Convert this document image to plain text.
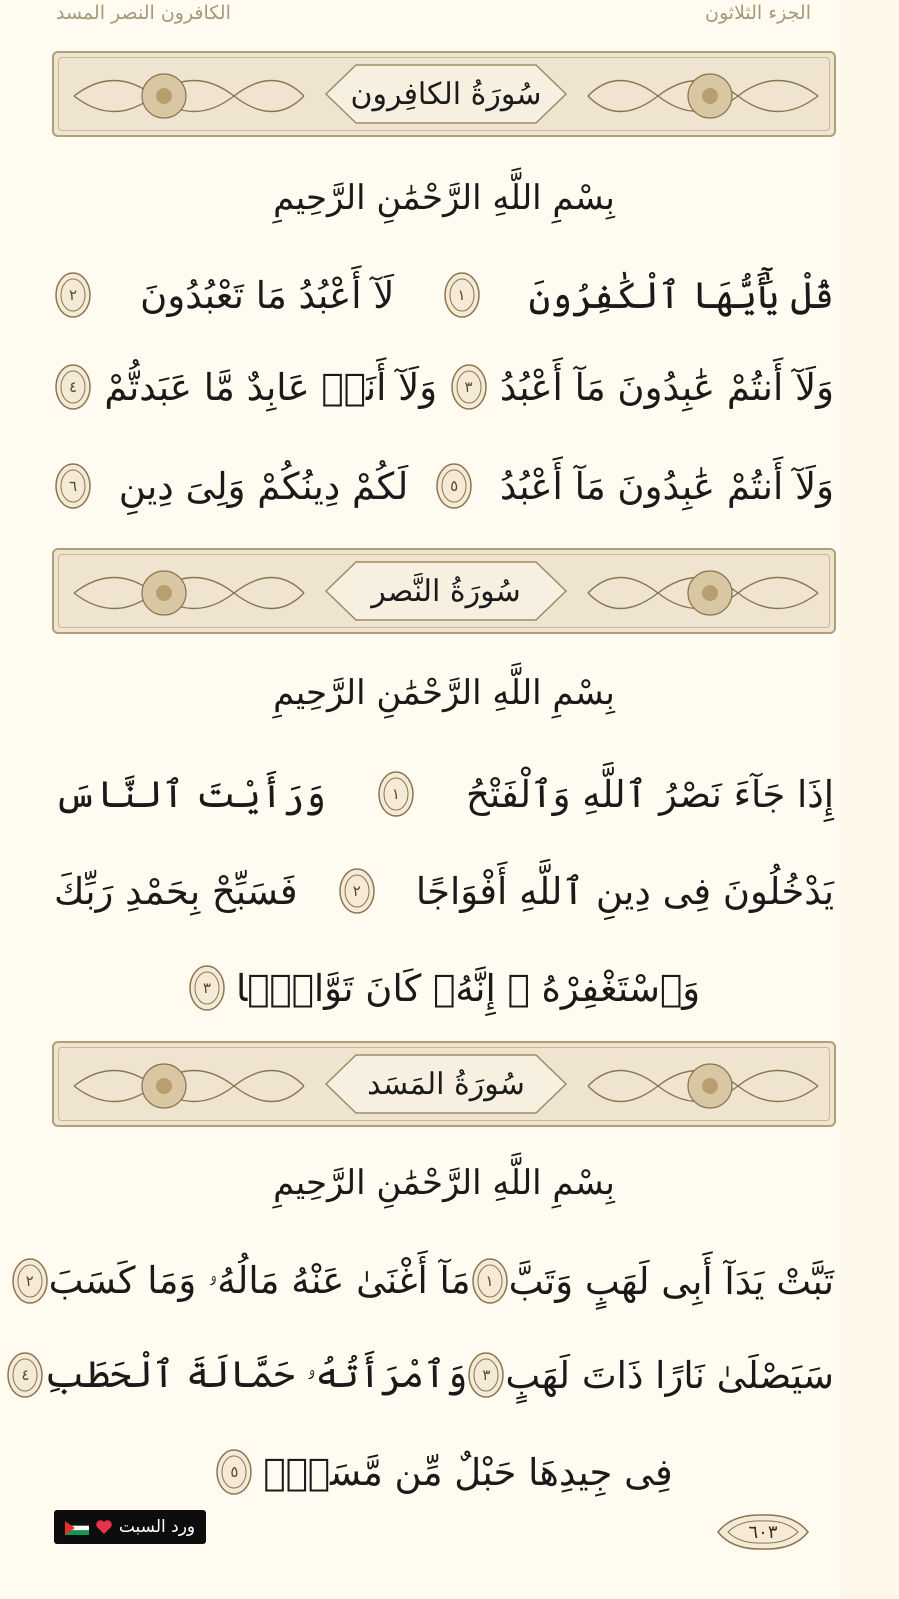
الكافرون النصر المسد	الجزء الثلاثون
سُورَةُ الكافِرون
بِسْمِ اللَّهِ الرَّحْمَٰنِ الرَّحِيمِ
قُلْ يَٰٓأَيُّهَا ٱلْكَٰفِرُونَ
١
لَآ أَعْبُدُ مَا تَعْبُدُونَ
٢
وَلَآ أَنتُمْ عَٰبِدُونَ مَآ أَعْبُدُ
٣
وَلَآ أَنَا۠ عَابِدٌ مَّا عَبَدتُّمْ
٤
وَلَآ أَنتُمْ عَٰبِدُونَ مَآ أَعْبُدُ
٥
لَكُمْ دِينُكُمْ وَلِىَ دِينِ
٦
سُورَةُ النَّصر
بِسْمِ اللَّهِ الرَّحْمَٰنِ الرَّحِيمِ
إِذَا جَآءَ نَصْرُ ٱللَّهِ وَٱلْفَتْحُ
١
وَرَأَيْتَ ٱلنَّاسَ
يَدْخُلُونَ فِى دِينِ ٱللَّهِ أَفْوَاجًا
٢
فَسَبِّحْ بِحَمْدِ رَبِّكَ
وَٱسْتَغْفِرْهُ ۚ إِنَّهُۥ كَانَ تَوَّابًۢا
٣
سُورَةُ المَسَد
بِسْمِ اللَّهِ الرَّحْمَٰنِ الرَّحِيمِ
تَبَّتْ يَدَآ أَبِى لَهَبٍ وَتَبَّ
١
مَآ أَغْنَىٰ عَنْهُ مَالُهُۥ وَمَا كَسَبَ
٢
سَيَصْلَىٰ نَارًا ذَاتَ لَهَبٍ
٣
وَٱمْرَأَتُهُۥ حَمَّالَةَ ٱلْحَطَبِ
٤
فِى جِيدِهَا حَبْلٌ مِّن مَّسَدٍۭ
٥
ورد السبت	٦٠٣
